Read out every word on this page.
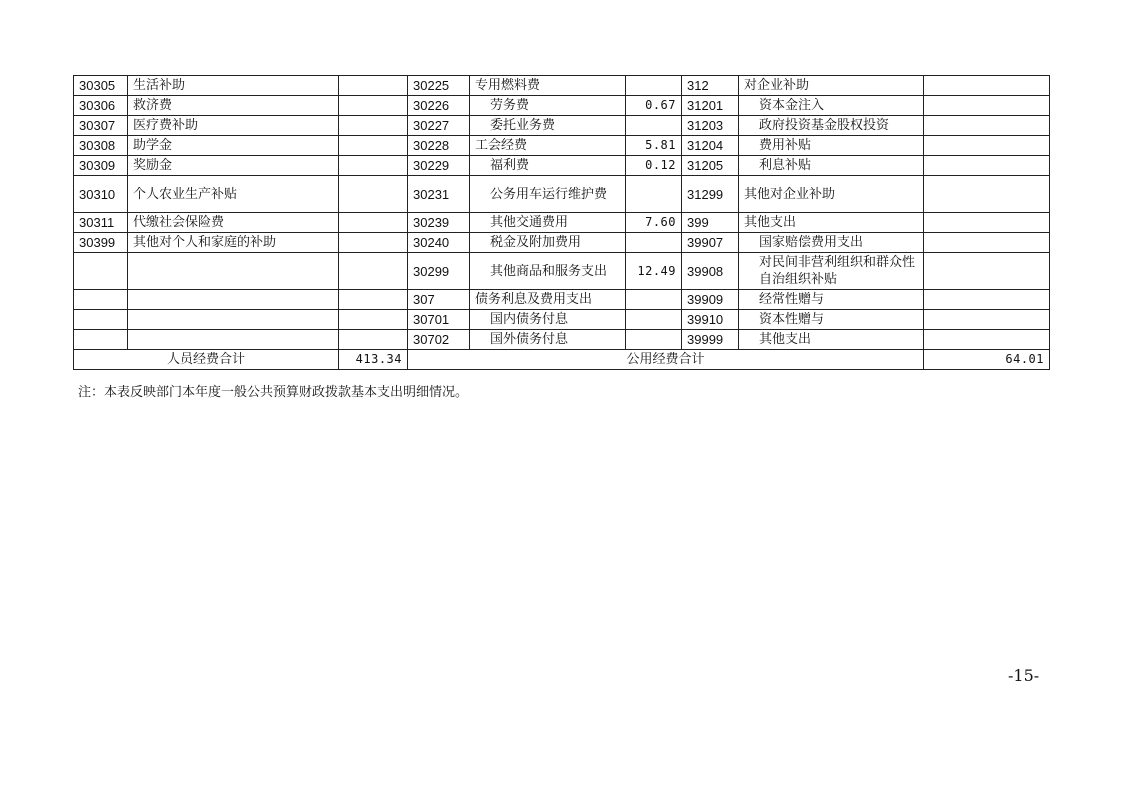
30305	生活补助		30225	专用燃料费		312	对企业补助	
30306	救济费		30226	劳务费	0.67	31201	资本金注入	
30307	医疗费补助		30227	委托业务费		31203	政府投资基金股权投资	
30308	助学金		30228	工会经费	5.81	31204	费用补贴	
30309	奖励金		30229	福利费	0.12	31205	利息补贴	
30310	个人农业生产补贴		30231	公务用车运行维护费		31299	其他对企业补助	
30311	代缴社会保险费		30239	其他交通费用	7.60	399	其他支出	
30399	其他对个人和家庭的补助		30240	税金及附加费用		39907	国家赔偿费用支出	
			30299	其他商品和服务支出	12.49	39908	对民间非营利组织和群众性自治组织补贴	
			307	债务利息及费用支出		39909	经常性赠与	
			30701	国内债务付息		39910	资本性赠与	
			30702	国外债务付息		39999	其他支出	
人员经费合计		413.34	公用经费合计					64.01
注：本表反映部门本年度一般公共预算财政拨款基本支出明细情况。
-15-
